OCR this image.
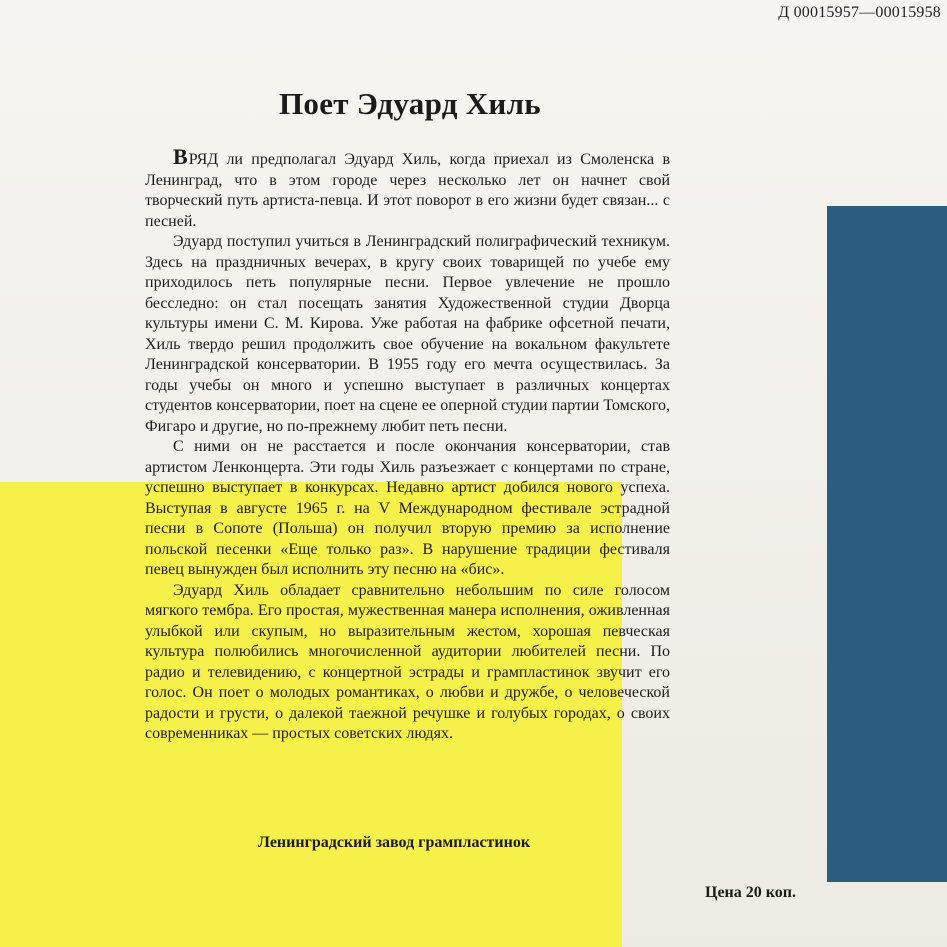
Д 00015957—00015958
Поет Эдуард Хиль

ВРЯД ли предполагал Эдуард Хиль, когда приехал из Смоленска в Ленинград, что в этом городе через несколько лет он начнет свой творческий путь артиста-певца. И этот поворот в его жизни будет связан... с песней.

Эдуард поступил учиться в Ленинградский полиграфический техникум. Здесь на праздничных вечерах, в кругу своих товарищей по учебе ему приходилось петь популярные песни. Первое увлечение не прошло бесследно: он стал посещать занятия Художественной студии Дворца культуры имени С. М. Кирова. Уже работая на фабрике офсетной печати, Хиль твердо решил продолжить свое обучение на вокальном факультете Ленинградской консерватории. В 1955 году его мечта осуществилась. За годы учебы он много и успешно выступает в различных концертах студентов консерватории, поет на сцене ее оперной студии партии Томского, Фигаро и другие, но по-прежнему любит петь песни.

С ними он не расстается и после окончания консерватории, став артистом Ленконцерта. Эти годы Хиль разъезжает с концертами по стране, успешно выступает в конкурсах. Недавно артист добился нового успеха. Выступая в августе 1965 г. на V Международном фестивале эстрадной песни в Сопоте (Польша) он получил вторую премию за исполнение польской песенки «Еще только раз». В нарушение традиции фестиваля певец вынужден был исполнить эту песню на «бис».

Эдуард Хиль обладает сравнительно небольшим по силе голосом мягкого тембра. Его простая, мужественная манера исполнения, оживленная улыбкой или скупым, но выразительным жестом, хорошая певческая культура полюбились многочисленной аудитории любителей песни. По радио и телевидению, с концертной эстрады и грампластинок звучит его голос. Он поет о молодых романтиках, о любви и дружбе, о человеческой радости и грусти, о далекой таежной речушке и голубых городах, о своих современниках — простых советских людях.

Ленинградский завод грампластинок
Цена 20 коп.
